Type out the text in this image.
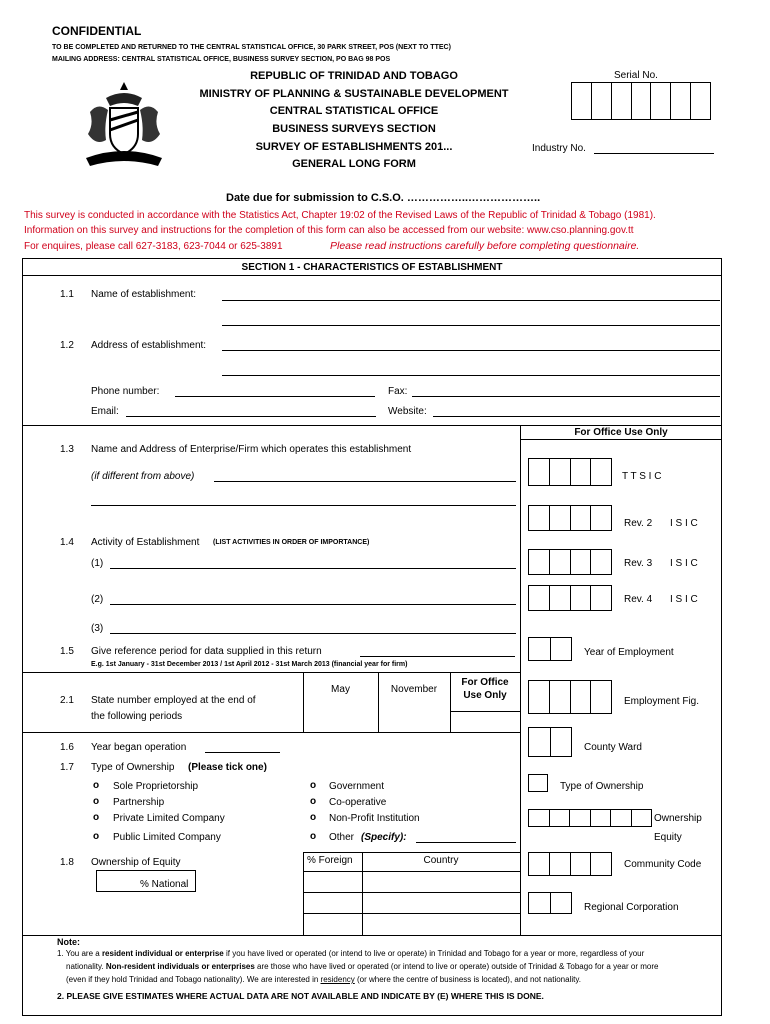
CONFIDENTIAL
TO BE COMPLETED AND RETURNED TO THE CENTRAL STATISTICAL OFFICE, 30 PARK STREET, POS (NEXT TO TTEC)
MAILING ADDRESS: CENTRAL STATISTICAL OFFICE, BUSINESS SURVEY SECTION, PO BAG 98 POS
REPUBLIC OF TRINIDAD AND TOBAGO
MINISTRY OF PLANNING & SUSTAINABLE DEVELOPMENT
CENTRAL STATISTICAL OFFICE
BUSINESS SURVEYS SECTION
SURVEY OF ESTABLISHMENTS 201...
GENERAL LONG FORM
Serial No.
Industry No.
Date due for submission to C.S.O. ……………..………………..
This survey is conducted in accordance with the Statistics Act, Chapter 19:02 of the Revised Laws of the Republic of Trinidad & Tobago (1981).
Information on this survey and instructions for the completion of this form can also be accessed from our website: www.cso.planning.gov.tt
For enquires, please call 627-3183, 623-7044 or 625-3891	Please read instructions carefully before completing questionnaire.
SECTION 1 - CHARACTERISTICS OF ESTABLISHMENT
1.1 Name of establishment:
1.2 Address of establishment:
Phone number:	Fax:
Email:	Website:
For Office Use Only
1.3 Name and Address of Enterprise/Firm which operates this establishment
(if different from above)	T T S I C
Rev. 2 I S I C
1.4 Activity of Establishment (LIST ACTIVITIES IN ORDER OF IMPORTANCE)
(1)	Rev. 3 I S I C
(2)	Rev. 4 I S I C
(3)
1.5 Give reference period for data supplied in this return
E.g. 1st January - 31st December 2013 / 1st April 2012 - 31st March 2013 (financial year for firm)
Year of Employment
2.1 State number employed at the end of
the following periods
May	November
For Office
Use Only
Employment Fig.
1.6 Year began operation	County Ward
1.7 Type of Ownership (Please tick one)
o Sole Proprietorship
o Partnership
o Private Limited Company
o Public Limited Company
o Government
o Co-operative
o Non-Profit Institution
o Other (Specify):
Type of Ownership
Ownership
Equity
1.8 Ownership of Equity
% National
% Foreign	Country	Community Code
Regional Corporation
Note:
1. You are a resident individual or enterprise if you have lived or operated (or intend to live or operate) in Trinidad and Tobago for a year or more, regardless of your
nationality. Non-resident individuals or enterprises are those who have lived or operated (or intend to live or operate) outside of Trinidad & Tobago for a year or more
(even if they hold Trinidad and Tobago nationality). We are interested in residency (or where the centre of business is located), and not nationality.
2. PLEASE GIVE ESTIMATES WHERE ACTUAL DATA ARE NOT AVAILABLE AND INDICATE BY (E) WHERE THIS IS DONE.
